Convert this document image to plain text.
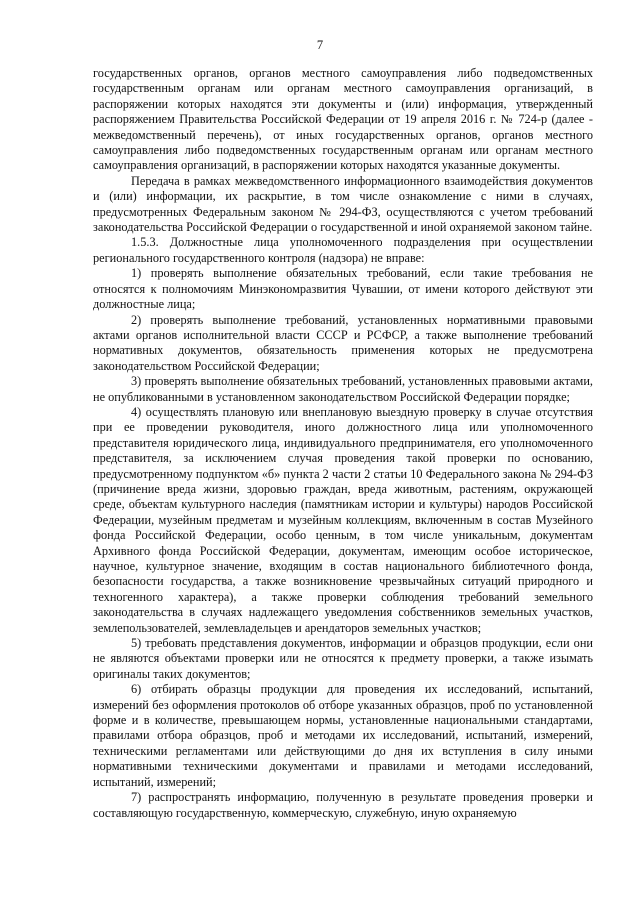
7

государственных органов, органов местного самоуправления либо подведомственных государственным органам или органам местного самоуправления организаций, в распоряжении которых находятся эти документы и (или) информация, утвержденный распоряжением Правительства Российской Федерации от 19 апреля 2016 г. № 724-р (далее - межведомственный перечень), от иных государственных органов, органов местного самоуправления либо подведомственных государственным органам или органам местного самоуправления организаций, в распоряжении которых находятся указанные документы.

Передача в рамках межведомственного информационного взаимодействия документов и (или) информации, их раскрытие, в том числе ознакомление с ними в случаях, предусмотренных Федеральным законом № 294-ФЗ, осуществляются с учетом требований законодательства Российской Федерации о государственной и иной охраняемой законом тайне.

1.5.3. Должностные лица уполномоченного подразделения при осуществлении регионального государственного контроля (надзора) не вправе:

1) проверять выполнение обязательных требований, если такие требования не относятся к полномочиям Минэкономразвития Чувашии, от имени которого действуют эти должностные лица;

2) проверять выполнение требований, установленных нормативными правовыми актами органов исполнительной власти СССР и РСФСР, а также выполнение требований нормативных документов, обязательность применения которых не предусмотрена законодательством Российской Федерации;

3) проверять выполнение обязательных требований, установленных правовыми актами, не опубликованными в установленном законодательством Российской Федерации порядке;

4) осуществлять плановую или внеплановую выездную проверку в случае отсутствия при ее проведении руководителя, иного должностного лица или уполномоченного представителя юридического лица, индивидуального предпринимателя, его уполномоченного представителя, за исключением случая проведения такой проверки по основанию, предусмотренному подпунктом «б» пункта 2 части 2 статьи 10 Федерального закона № 294-ФЗ (причинение вреда жизни, здоровью граждан, вреда животным, растениям, окружающей среде, объектам культурного наследия (памятникам истории и культуры) народов Российской Федерации, музейным предметам и музейным коллекциям, включенным в состав Музейного фонда Российской Федерации, особо ценным, в том числе уникальным, документам Архивного фонда Российской Федерации, документам, имеющим особое историческое, научное, культурное значение, входящим в состав национального библиотечного фонда, безопасности государства, а также возникновение чрезвычайных ситуаций природного и техногенного характера), а также проверки соблюдения требований земельного законодательства в случаях надлежащего уведомления собственников земельных участков, землепользователей, землевладельцев и арендаторов земельных участков;

5) требовать представления документов, информации и образцов продукции, если они не являются объектами проверки или не относятся к предмету проверки, а также изымать оригиналы таких документов;

6) отбирать образцы продукции для проведения их исследований, испытаний, измерений без оформления протоколов об отборе указанных образцов, проб по установленной форме и в количестве, превышающем нормы, установленные национальными стандартами, правилами отбора образцов, проб и методами их исследований, испытаний, измерений, техническими регламентами или действующими до дня их вступления в силу иными нормативными техническими документами и правилами и методами исследований, испытаний, измерений;

7) распространять информацию, полученную в результате проведения проверки и составляющую государственную, коммерческую, служебную, иную охраняемую
